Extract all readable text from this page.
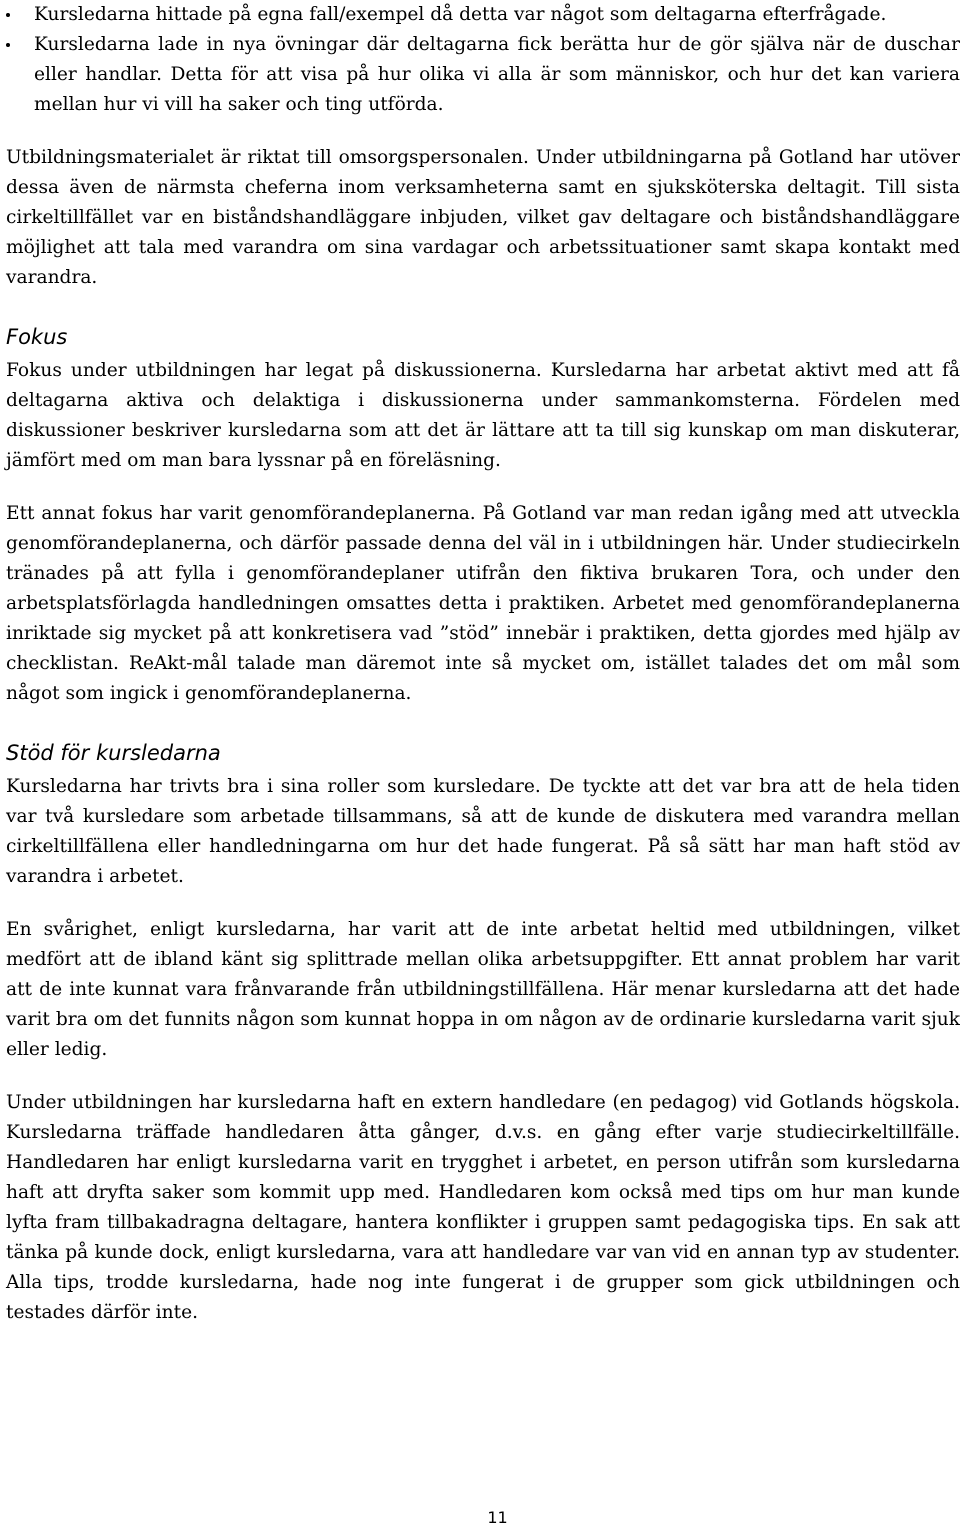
Kursledarna hittade på egna fall/exempel då detta var något som deltagarna efterfrågade.
Kursledarna lade in nya övningar där deltagarna fick berätta hur de gör själva när de duschar eller handlar. Detta för att visa på hur olika vi alla är som människor, och hur det kan variera mellan hur vi vill ha saker och ting utförda.

Utbildningsmaterialet är riktat till omsorgspersonalen. Under utbildningarna på Gotland har utöver dessa även de närmsta cheferna inom verksamheterna samt en sjuksköterska deltagit. Till sista cirkeltillfället var en biståndshandläggare inbjuden, vilket gav deltagare och biståndshandläggare möjlighet att tala med varandra om sina vardagar och arbetssituationer samt skapa kontakt med varandra.

Fokus

Fokus under utbildningen har legat på diskussionerna. Kursledarna har arbetat aktivt med att få deltagarna aktiva och delaktiga i diskussionerna under sammankomsterna. Fördelen med diskussioner beskriver kursledarna som att det är lättare att ta till sig kunskap om man diskuterar, jämfört med om man bara lyssnar på en föreläsning.

Ett annat fokus har varit genomförandeplanerna. På Gotland var man redan igång med att utveckla genomförandeplanerna, och därför passade denna del väl in i utbildningen här. Under studiecirkeln tränades på att fylla i genomförandeplaner utifrån den fiktiva brukaren Tora, och under den arbetsplatsförlagda handledningen omsattes detta i praktiken. Arbetet med genomförandeplanerna inriktade sig mycket på att konkretisera vad ”stöd” innebär i praktiken, detta gjordes med hjälp av checklistan. ReAkt-mål talade man däremot inte så mycket om, istället talades det om mål som något som ingick i genomförandeplanerna.

Stöd för kursledarna

Kursledarna har trivts bra i sina roller som kursledare. De tyckte att det var bra att de hela tiden var två kursledare som arbetade tillsammans, så att de kunde de diskutera med varandra mellan cirkeltillfällena eller handledningarna om hur det hade fungerat. På så sätt har man haft stöd av varandra i arbetet.

En svårighet, enligt kursledarna, har varit att de inte arbetat heltid med utbildningen, vilket medfört att de ibland känt sig splittrade mellan olika arbetsuppgifter. Ett annat problem har varit att de inte kunnat vara frånvarande från utbildningstillfällena. Här menar kursledarna att det hade varit bra om det funnits någon som kunnat hoppa in om någon av de ordinarie kursledarna varit sjuk eller ledig.

Under utbildningen har kursledarna haft en extern handledare (en pedagog) vid Gotlands högskola. Kursledarna träffade handledaren åtta gånger, d.v.s. en gång efter varje studiecirkeltillfälle. Handledaren har enligt kursledarna varit en trygghet i arbetet, en person utifrån som kursledarna haft att dryfta saker som kommit upp med. Handledaren kom också med tips om hur man kunde lyfta fram tillbakadragna deltagare, hantera konflikter i gruppen samt pedagogiska tips. En sak att tänka på kunde dock, enligt kursledarna, vara att handledare var van vid en annan typ av studenter. Alla tips, trodde kursledarna, hade nog inte fungerat i de grupper som gick utbildningen och testades därför inte.

11
